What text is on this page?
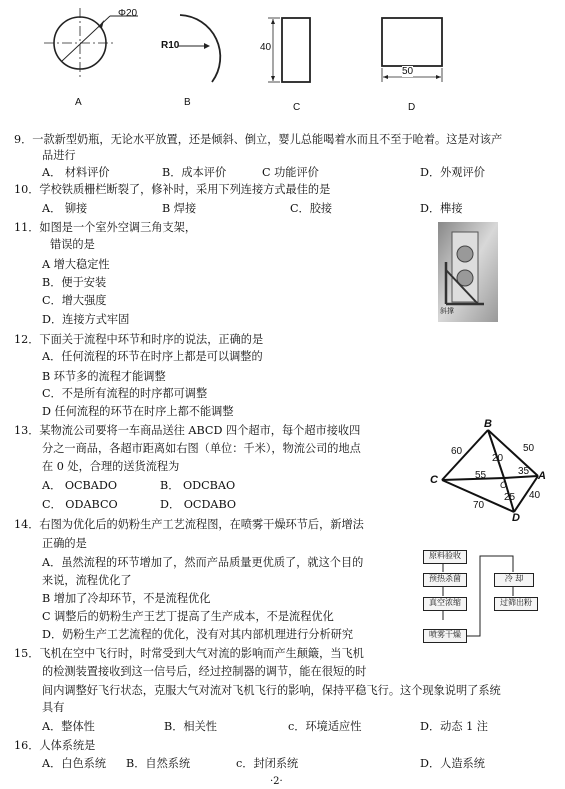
Φ20
A
R10
B
40
C
50
D
9．一款新型奶瓶，无论水平放置，还是倾斜、倒立，婴儿总能喝着水而且不至于呛着。这是对该产
品进行
A． 材料评价	B．成本评价	C 功能评价	D．外观评价
10．学校铁质栅栏断裂了，修补时，采用下列连接方式最佳的是
A． 铆接	B 焊接	C．胶接	D．榫接
11．如图是一个室外空调三角支架，
错误的是
A 增大稳定性
B．便于安装
C．增大强度
D．连接方式牢固
斜撑
12．下面关于流程中环节和时序的说法，正确的是
A．任何流程的环节在时序上都是可以调整的
B 环节多的流程才能调整
C．不是所有流程的时序都可调整
D 任何流程的环节在时序上都不能调整
13．某物流公司要将一车商品送往 ABCD 四个超市，每个超市接收四
分之一商品，各超市距离如右图（单位：千米），物流公司的地点
在 0 处，合理的送货流程为
A． OCBADO	B． ODCBAO
C． ODABCO	D． OCDABO
B
C	A
D
O
50
60
55
20
35
40
25
70
14．右图为优化后的奶粉生产工艺流程图，在喷雾干燥环节后，新增法
正确的是
A．虽然流程的环节增加了，然而产品质量更优质了，就这个目的
来说，流程优化了
B 增加了冷却环节，不是流程优化
C 调整后的奶粉生产王艺丁提高了生产成本，不是流程优化
D．奶粉生产工艺流程的优化，没有对其内部机理进行分析研究
原料验收
预热杀菌
真空浓缩
喷雾干燥
冷 却
过筛出粉
15．飞机在空中飞行时，时常受到大气对流的影响而产生颠簸，当飞机
的检测装置接收到这一信号后，经过控制器的调节，能在很短的时
间内调整好飞行状态，克服大气对流对飞机飞行的影响，保持平稳飞行。这个现象说明了系统
具有
A．整体性	B．相关性	c．环境适应性	D．动态 1 注
16．人体系统是
A．白色系统 B．自然系统	c．封闭系统	D．人造系统
·2·
